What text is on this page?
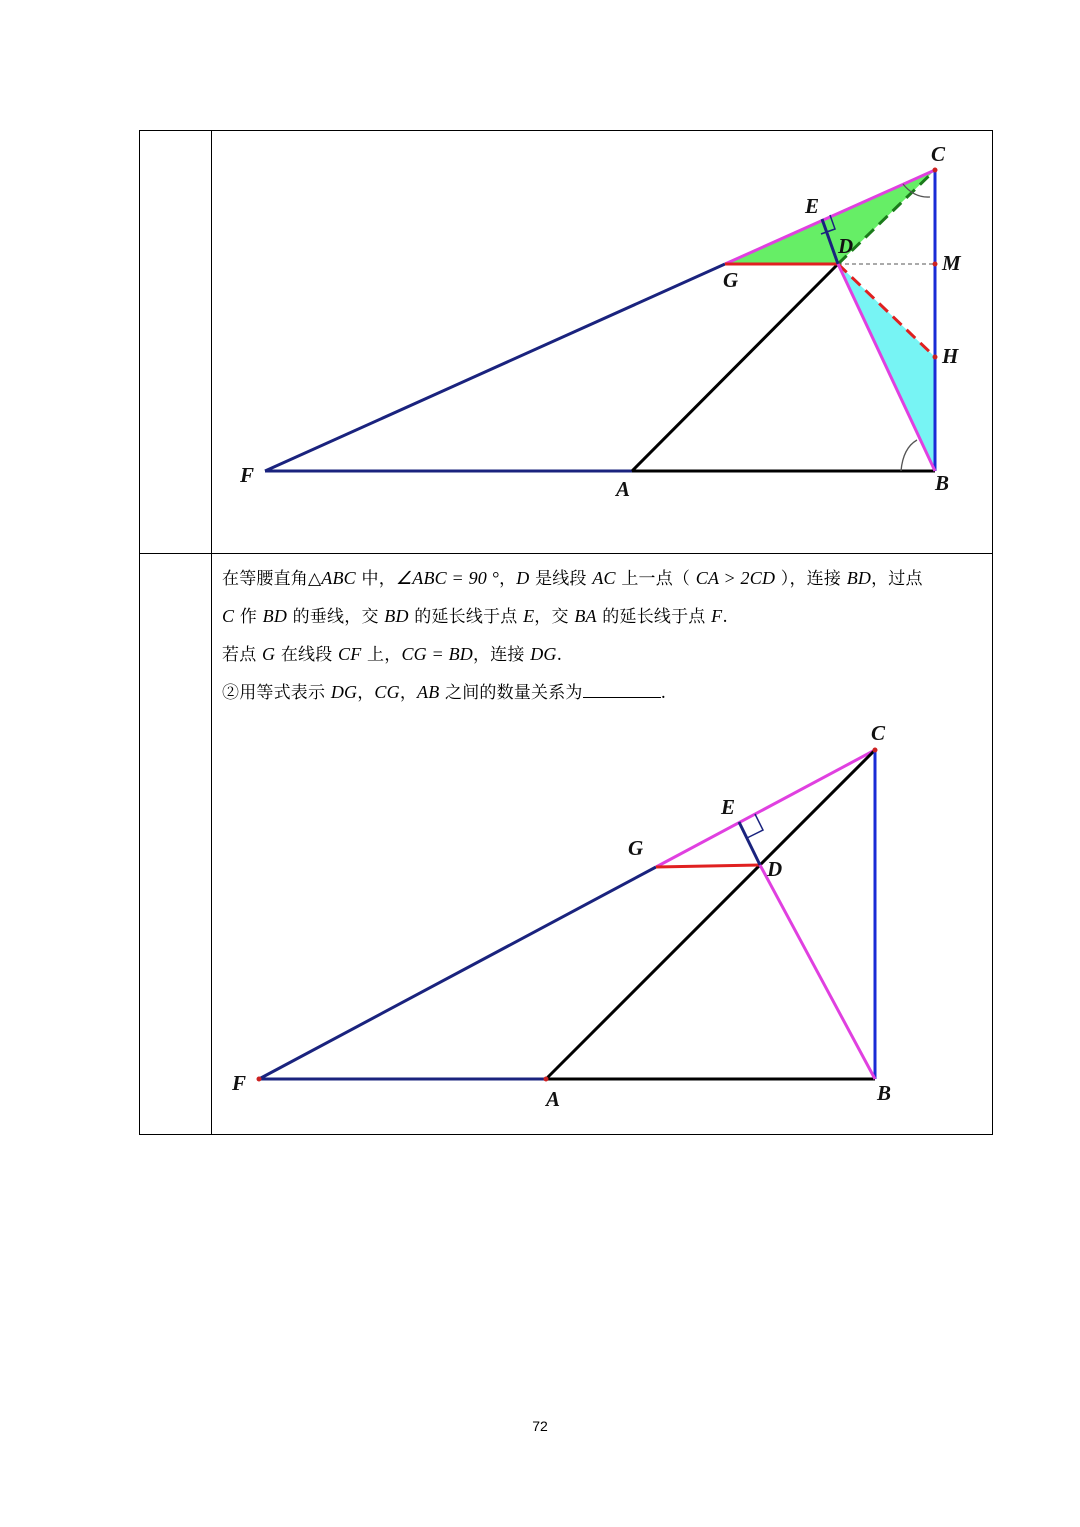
C
E
D
G
M
H
F
A	B

在等腰直角△ABC 中，∠ABC = 90 °，D 是线段 AC 上一点（ CA > 2CD ），连接 BD，过点

C 作 BD 的垂线，交 BD 的延长线于点 E，交 BA 的延长线于点 F.

若点 G 在线段 CF 上，CG = BD，连接 DG.

②用等式表示 DG，CG，AB 之间的数量关系为	.

C
E
G
D
F
A	B
72
